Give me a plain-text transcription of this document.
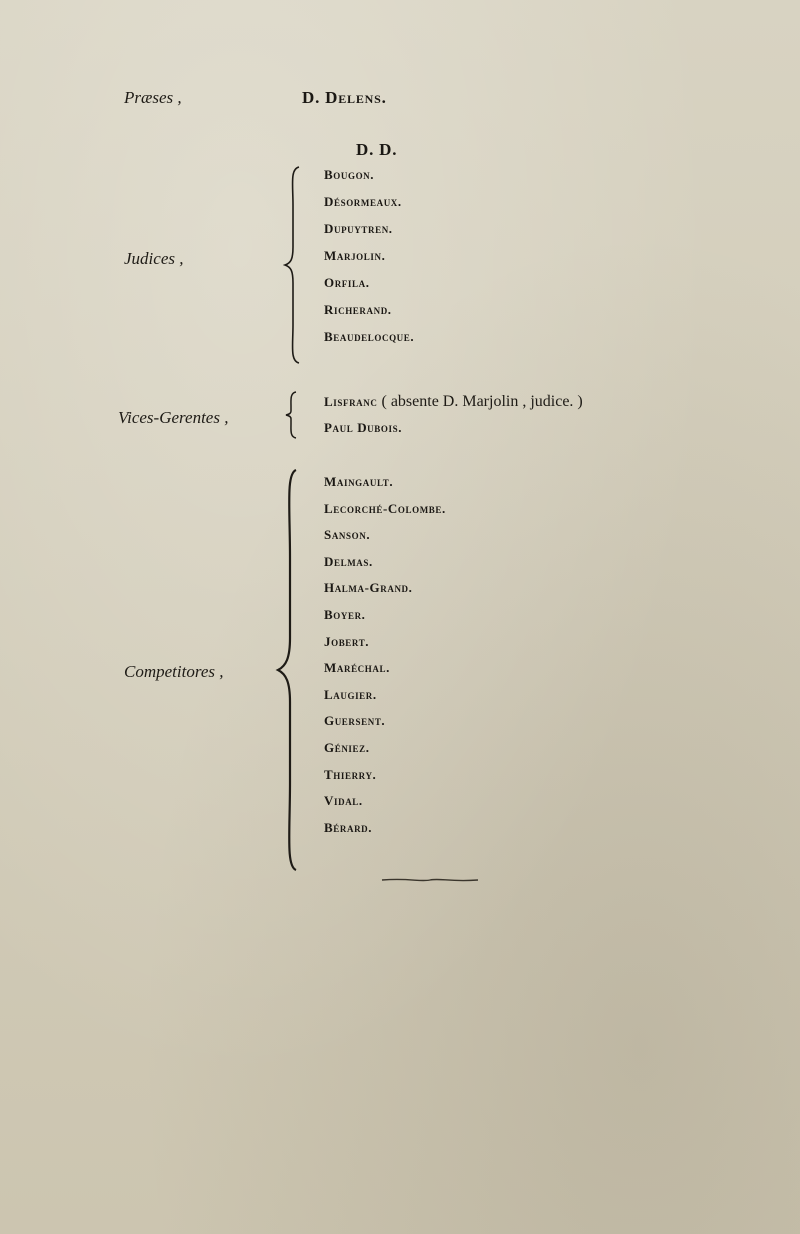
Præses ,	D. Delens.
D. D.
Judices ,
Bougon.
Désormeaux.
Dupuytren.
Marjolin.
Orfila.
Richerand.
Beaudelocque.
Vices-Gerentes ,
Lisfranc ( absente D. Marjolin , judice. )
Paul Dubois.
Competitores ,
Maingault.
Lecorché-Colombe.
Sanson.
Delmas.
Halma-Grand.
Boyer.
Jobert.
Maréchal.
Laugier.
Guersent.
Géniez.
Thierry.
Vidal.
Bérard.
